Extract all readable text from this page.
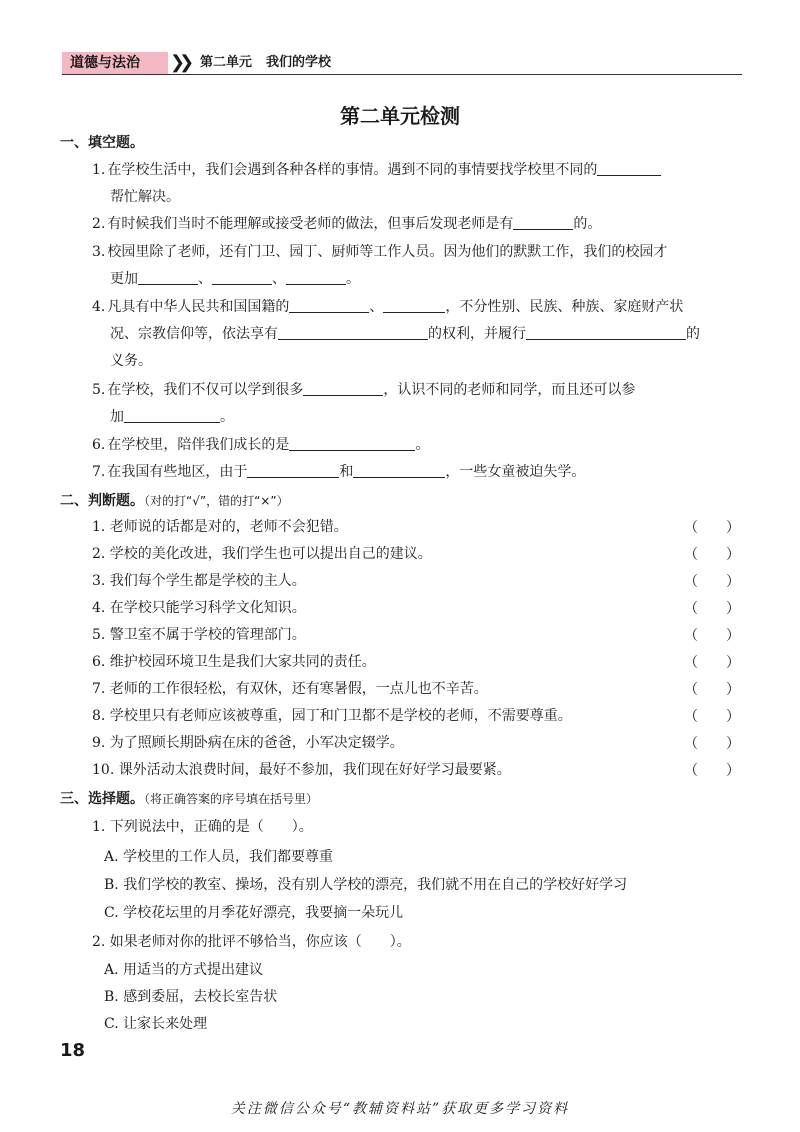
道德与法治	❯❯ 第二单元 我们的学校
第二单元检测
一、填空题。
1. 在学校生活中，我们会遇到各种各样的事情。遇到不同的事情要找学校里不同的
帮忙解决。
2. 有时候我们当时不能理解或接受老师的做法，但事后发现老师是有	的。
3. 校园里除了老师，还有门卫、园丁、厨师等工作人员。因为他们的默默工作，我们的校园才
更加	、	、	。
4. 凡具有中华人民共和国国籍的	、	，不分性别、民族、种族、家庭财产状
况、宗教信仰等，依法享有	的权利，并履行	的
义务。
5. 在学校，我们不仅可以学到很多	，认识不同的老师和同学，而且还可以参
加	。
6. 在学校里，陪伴我们成长的是	。
7. 在我国有些地区，由于	和	，一些女童被迫失学。
二、判断题。（对的打“√”，错的打“×”）
1. 老师说的话都是对的，老师不会犯错。	（　　）
2. 学校的美化改进，我们学生也可以提出自己的建议。	（　　）
3. 我们每个学生都是学校的主人。	（　　）
4. 在学校只能学习科学文化知识。	（　　）
5. 警卫室不属于学校的管理部门。	（　　）
6. 维护校园环境卫生是我们大家共同的责任。	（　　）
7. 老师的工作很轻松，有双休，还有寒暑假，一点儿也不辛苦。	（　　）
8. 学校里只有老师应该被尊重，园丁和门卫都不是学校的老师，不需要尊重。	（　　）
9. 为了照顾长期卧病在床的爸爸，小军决定辍学。	（　　）
10. 课外活动太浪费时间，最好不参加，我们现在好好学习最要紧。	（　　）
三、选择题。（将正确答案的序号填在括号里）
1. 下列说法中，正确的是（　　）。
A. 学校里的工作人员，我们都要尊重
B. 我们学校的教室、操场，没有别人学校的漂亮，我们就不用在自己的学校好好学习
C. 学校花坛里的月季花好漂亮，我要摘一朵玩儿
2. 如果老师对你的批评不够恰当，你应该（　　）。
A. 用适当的方式提出建议
B. 感到委屈，去校长室告状
C. 让家长来处理
18
关注微信公众号“教辅资料站”获取更多学习资料
